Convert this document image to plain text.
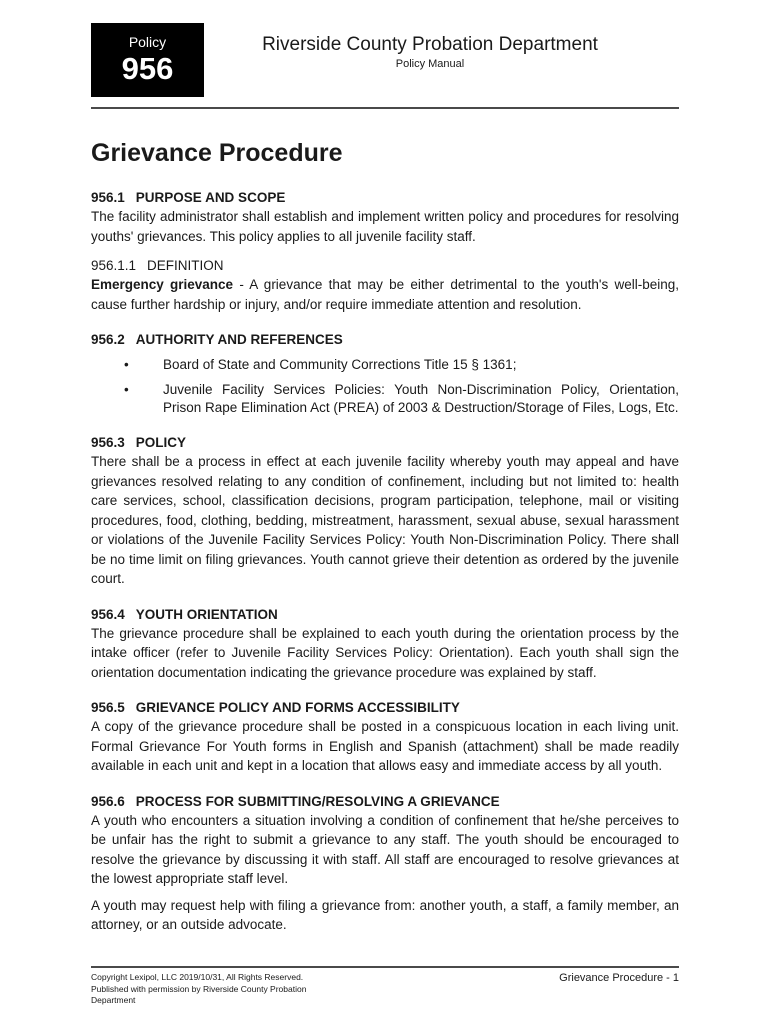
Policy
956
Riverside County Probation Department
Policy Manual
Grievance Procedure
956.1 PURPOSE AND SCOPE

The facility administrator shall establish and implement written policy and procedures for resolving youths' grievances. This policy applies to all juvenile facility staff.

956.1.1 DEFINITION

Emergency grievance - A grievance that may be either detrimental to the youth's well-being, cause further hardship or injury, and/or require immediate attention and resolution.

956.2 AUTHORITY AND REFERENCES
•	Board of State and Community Corrections Title 15 § 1361;
•	Juvenile Facility Services Policies: Youth Non-Discrimination Policy, Orientation, Prison Rape Elimination Act (PREA) of 2003 & Destruction/Storage of Files, Logs, Etc.
956.3 POLICY

There shall be a process in effect at each juvenile facility whereby youth may appeal and have grievances resolved relating to any condition of confinement, including but not limited to: health care services, school, classification decisions, program participation, telephone, mail or visiting procedures, food, clothing, bedding, mistreatment, harassment, sexual abuse, sexual harassment or violations of the Juvenile Facility Services Policy: Youth Non-Discrimination Policy. There shall be no time limit on filing grievances. Youth cannot grieve their detention as ordered by the juvenile court.

956.4 YOUTH ORIENTATION

The grievance procedure shall be explained to each youth during the orientation process by the intake officer (refer to Juvenile Facility Services Policy: Orientation). Each youth shall sign the orientation documentation indicating the grievance procedure was explained by staff.

956.5 GRIEVANCE POLICY AND FORMS ACCESSIBILITY

A copy of the grievance procedure shall be posted in a conspicuous location in each living unit. Formal Grievance For Youth forms in English and Spanish (attachment) shall be made readily available in each unit and kept in a location that allows easy and immediate access by all youth.

956.6 PROCESS FOR SUBMITTING/RESOLVING A GRIEVANCE

A youth who encounters a situation involving a condition of confinement that he/she perceives to be unfair has the right to submit a grievance to any staff. The youth should be encouraged to resolve the grievance by discussing it with staff. All staff are encouraged to resolve grievances at the lowest appropriate staff level.

A youth may request help with filing a grievance from: another youth, a staff, a family member, an attorney, or an outside advocate.

Copyright Lexipol, LLC 2019/10/31, All Rights Reserved.
Published with permission by Riverside County Probation Department
Grievance Procedure - 1
